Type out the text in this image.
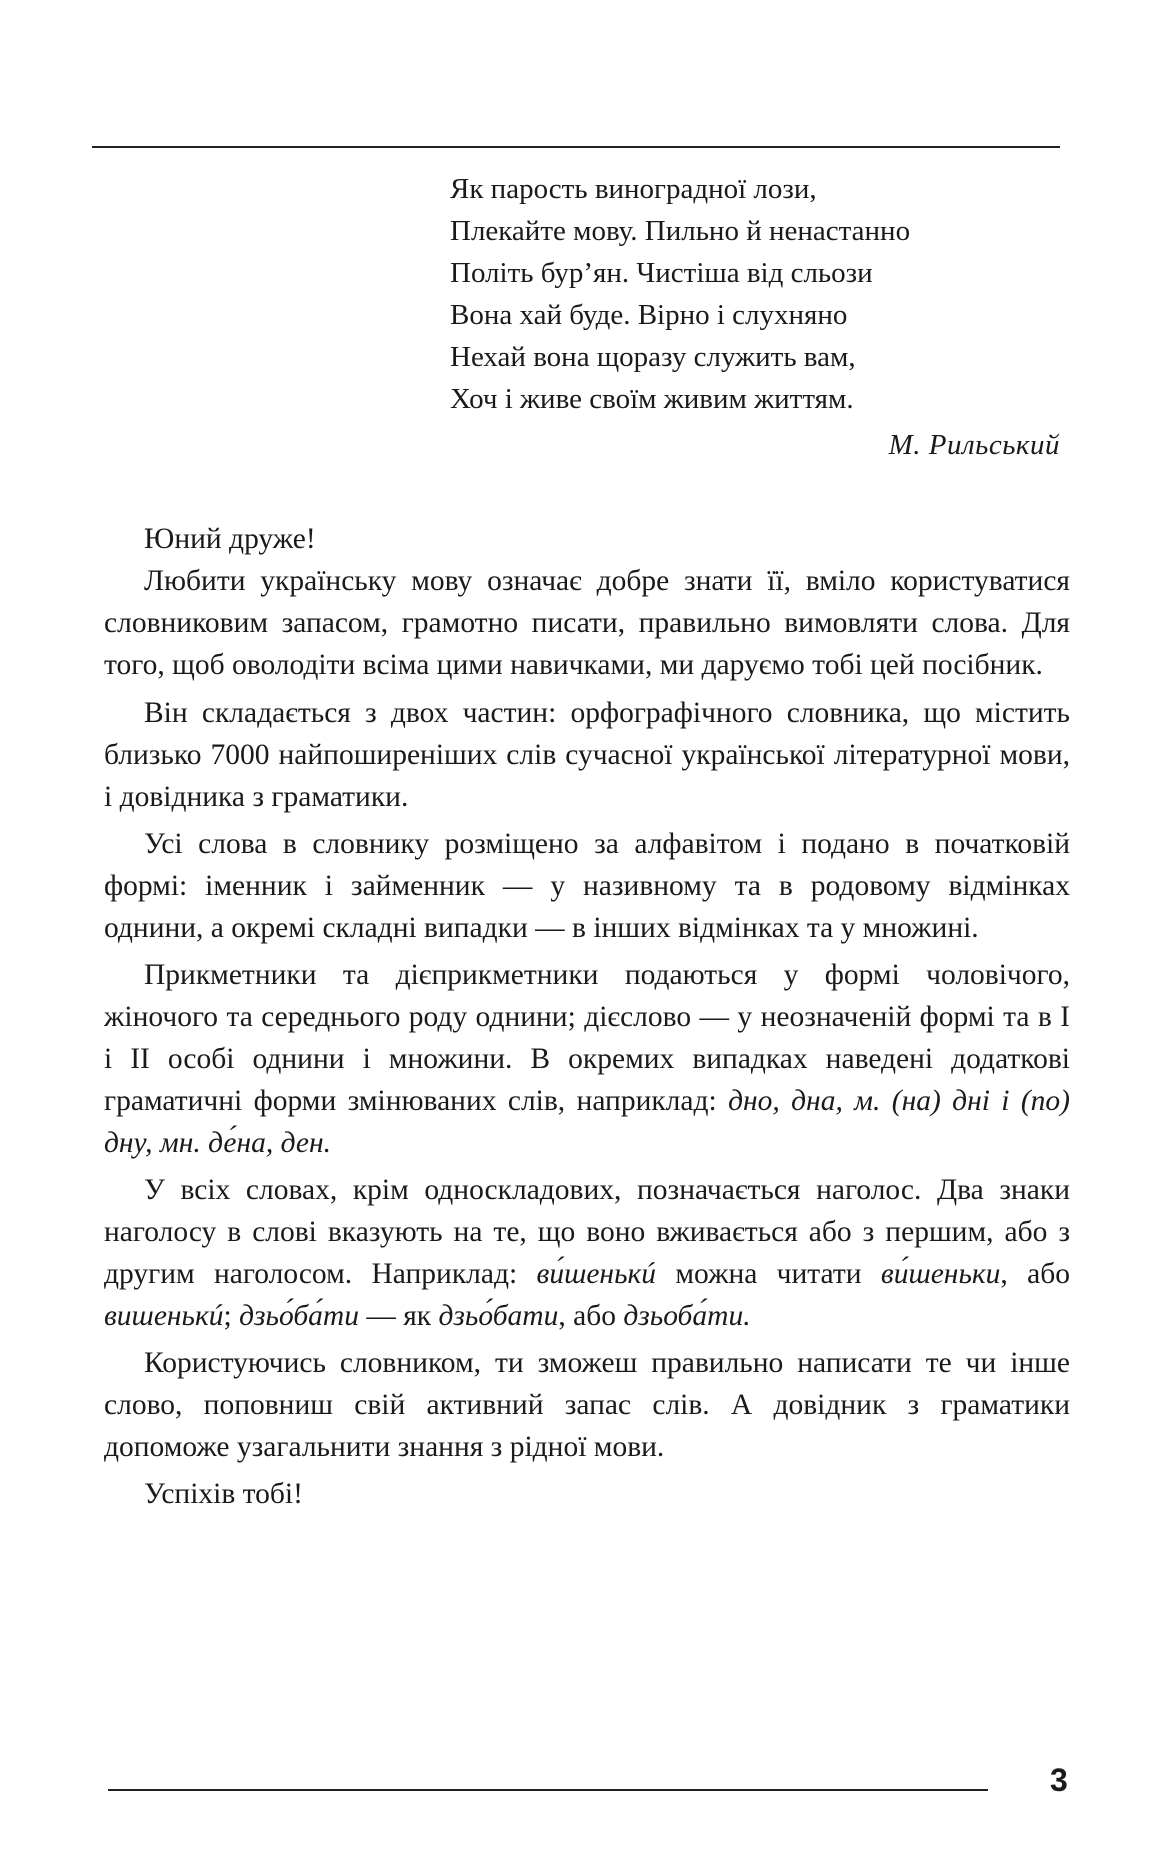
Як парость виноградної лози,
Плекайте мову. Пильно й ненастанно
Політь бур’ян. Чистіша від сльози
Вона хай буде. Вірно і слухняно
Нехай вона щоразу служить вам,
Хоч і живе своїм живим життям.
М. Рильський

Юний друже!

Любити українську мову означає добре знати її, вміло користуватися словниковим запасом, грамотно писати, правильно вимовляти слова. Для того, щоб оволодіти всіма цими навичками, ми даруємо тобі цей посібник.

Він складається з двох частин: орфографічного словника, що містить близько 7000 найпоширеніших слів сучасної української літературної мови, і довідника з граматики.

Усі слова в словнику розміщено за алфавітом і подано в початковій формі: іменник і займенник — у називному та в родовому відмінках однини, а окремі складні випадки — в інших відмінках та у множині.

Прикметники та дієприкметники подаються у формі чоловічого, жіночого та середнього роду однини; дієслово — у неозначеній формі та в I і II особі однини і множини. В окремих випадках наведені додаткові граматичні форми змінюваних слів, наприклад: дно, дна, м. (на) дні і (по) дну, мн. де́на, ден.

У всіх словах, крім односкладових, позначається наголос. Два знаки наголосу в слові вказують на те, що воно вживається або з першим, або з другим наголосом. Наприклад: ви́шенькú можна читати ви́шеньки, або вишенькú; дзьо́ба́ти — як дзьо́бати, або дзьоба́ти.

Користуючись словником, ти зможеш правильно написати те чи інше слово, поповниш свій активний запас слів. А довідник з граматики допоможе узагальнити знання з рідної мови.

Успіхів тобі!

3
